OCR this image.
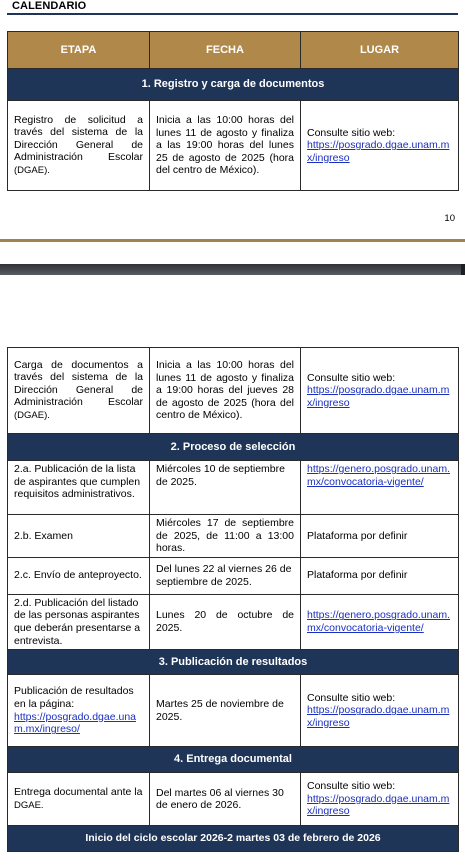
CALENDARIO
ETAPA	FECHA	LUGAR
1. Registro y carga de documentos		
Registro de solicitud a través del sistema de la Dirección General de Administración Escolar (DGAE).	Inicia a las 10:00 horas del lunes 11 de agosto y finaliza a las 19:00 horas del lunes 25 de agosto de 2025 (hora del centro de México).	Consulte sitio web:
https://posgrado.dgae.unam.mx/ingreso
10
Carga de documentos a través del sistema de la Dirección General de Administración Escolar (DGAE).	Inicia a las 10:00 horas del lunes 11 de agosto y finaliza a 19:00 horas del jueves 28 de agosto de 2025 (hora del centro de México).	Consulte sitio web:
https://posgrado.dgae.unam.mx/ingreso
2. Proceso de selección		
2.a. Publicación de la lista de aspirantes que cumplen requisitos administrativos.	Miércoles 10 de septiembre de 2025.	https://genero.posgrado.unam.mx/convocatoria-vigente/
2.b. Examen	Miércoles 17 de septiembre de 2025, de 11:00 a 13:00 horas.	Plataforma por definir
2.c. Envío de anteproyecto.	Del lunes 22 al viernes 26 de septiembre de 2025.	Plataforma por definir
2.d. Publicación del listado de las personas aspirantes que deberán presentarse a entrevista.	Lunes 20 de octubre de 2025.	https://genero.posgrado.unam.mx/convocatoria-vigente/
3. Publicación de resultados		

Publicación de resultados en la página:
https://posgrado.dgae.unam.mx/ingreso/	Martes 25 de noviembre de 2025.	Consulte sitio web:
https://posgrado.dgae.unam.mx/ingreso
4. Entrega documental		
Entrega documental ante la DGAE.	Del martes 06 al viernes 30 de enero de 2026.	Consulte sitio web:
https://posgrado.dgae.unam.mx/ingreso
Inicio del ciclo escolar 2026-2 martes 03 de febrero de 2026		
